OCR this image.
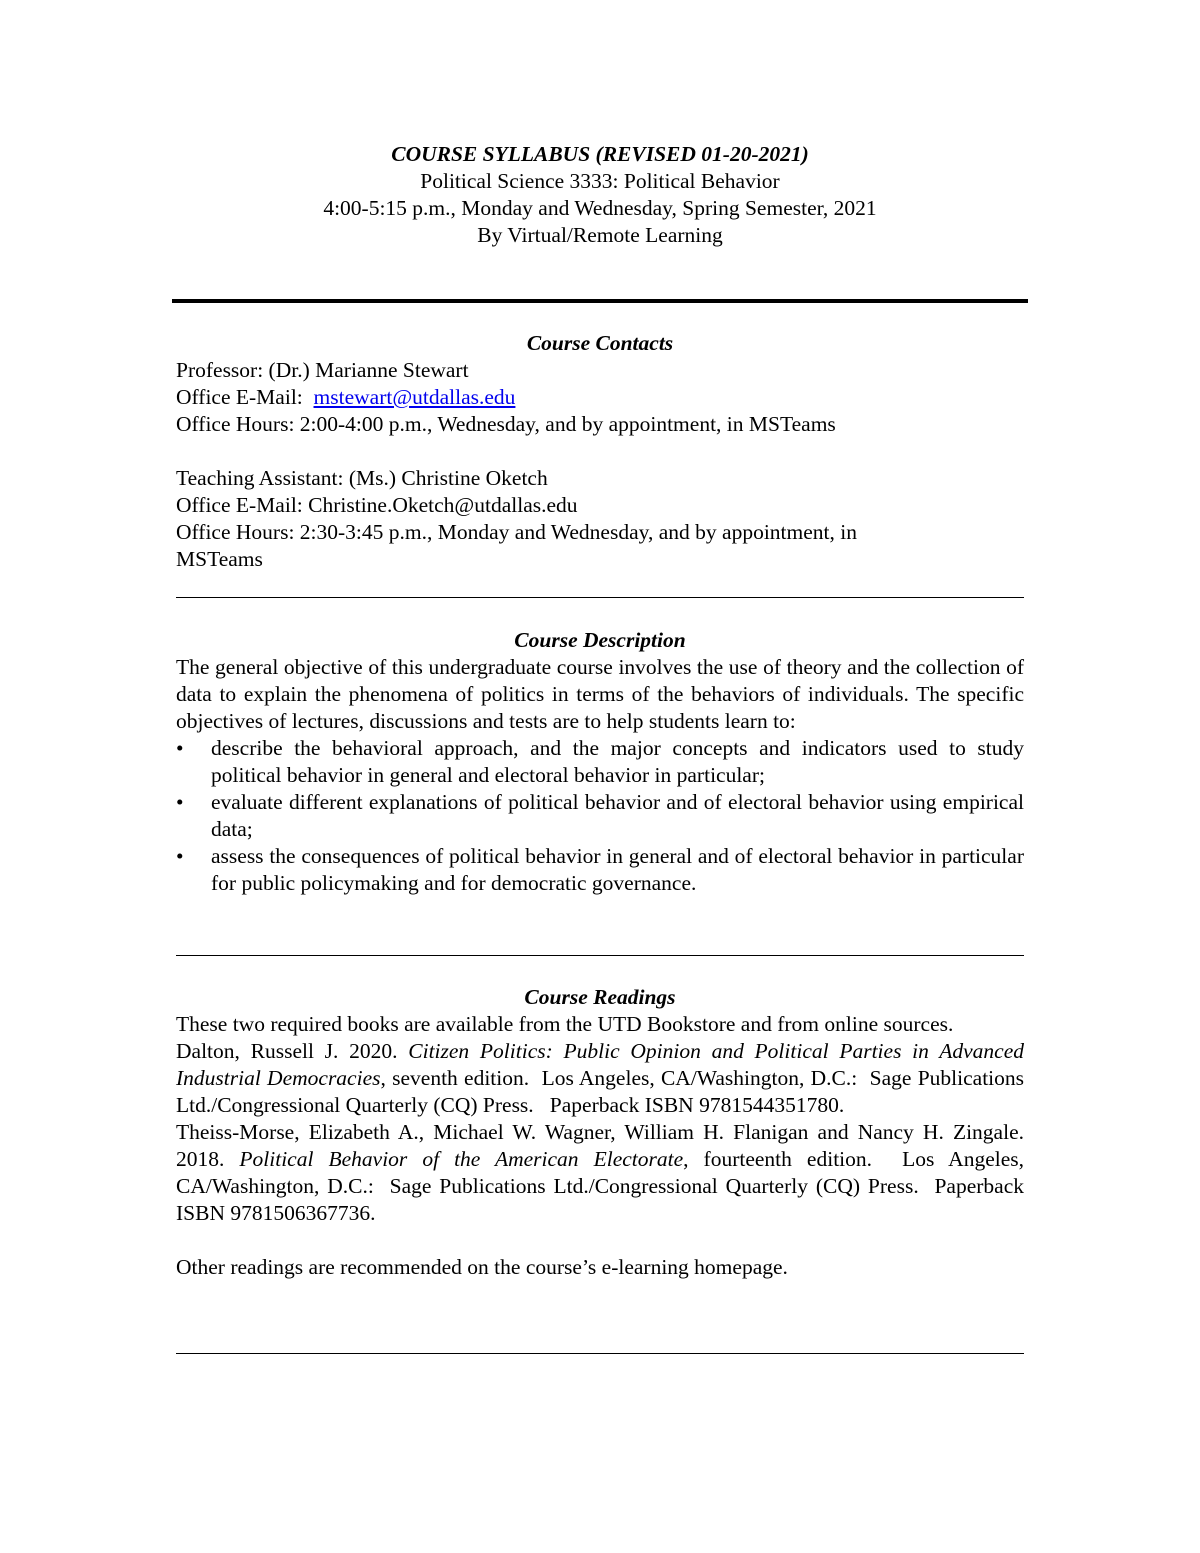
COURSE SYLLABUS (REVISED 01-20-2021)
Political Science 3333: Political Behavior
4:00-5:15 p.m., Monday and Wednesday, Spring Semester, 2021
By Virtual/Remote Learning
Course Contacts
Professor: (Dr.) Marianne Stewart
Office E-Mail:  mstewart@utdallas.edu
Office Hours: 2:00-4:00 p.m., Wednesday, and by appointment, in MSTeams
Teaching Assistant: (Ms.) Christine Oketch
Office E-Mail: Christine.Oketch@utdallas.edu
Office Hours: 2:30-3:45 p.m., Monday and Wednesday, and by appointment, in
MSTeams
Course Description
The general objective of this undergraduate course involves the use of theory and the collection of data to explain the phenomena of politics in terms of the behaviors of individuals. The specific objectives of lectures, discussions and tests are to help students learn to:
• describe the behavioral approach, and the major concepts and indicators used to study political behavior in general and electoral behavior in particular;
• evaluate different explanations of political behavior and of electoral behavior using empirical data;
• assess the consequences of political behavior in general and of electoral behavior in particular for public policymaking and for democratic governance.
Course Readings
These two required books are available from the UTD Bookstore and from online sources.
Dalton, Russell J. 2020. Citizen Politics: Public Opinion and Political Parties in Advanced Industrial Democracies, seventh edition.  Los Angeles, CA/Washington, D.C.:  Sage Publications Ltd./Congressional Quarterly (CQ) Press.   Paperback ISBN 9781544351780.
Theiss-Morse, Elizabeth A., Michael W. Wagner, William H. Flanigan and Nancy H. Zingale. 2018. Political Behavior of the American Electorate, fourteenth edition.  Los Angeles, CA/Washington, D.C.:  Sage Publications Ltd./Congressional Quarterly (CQ) Press.  Paperback ISBN 9781506367736.
Other readings are recommended on the course’s e-learning homepage.
